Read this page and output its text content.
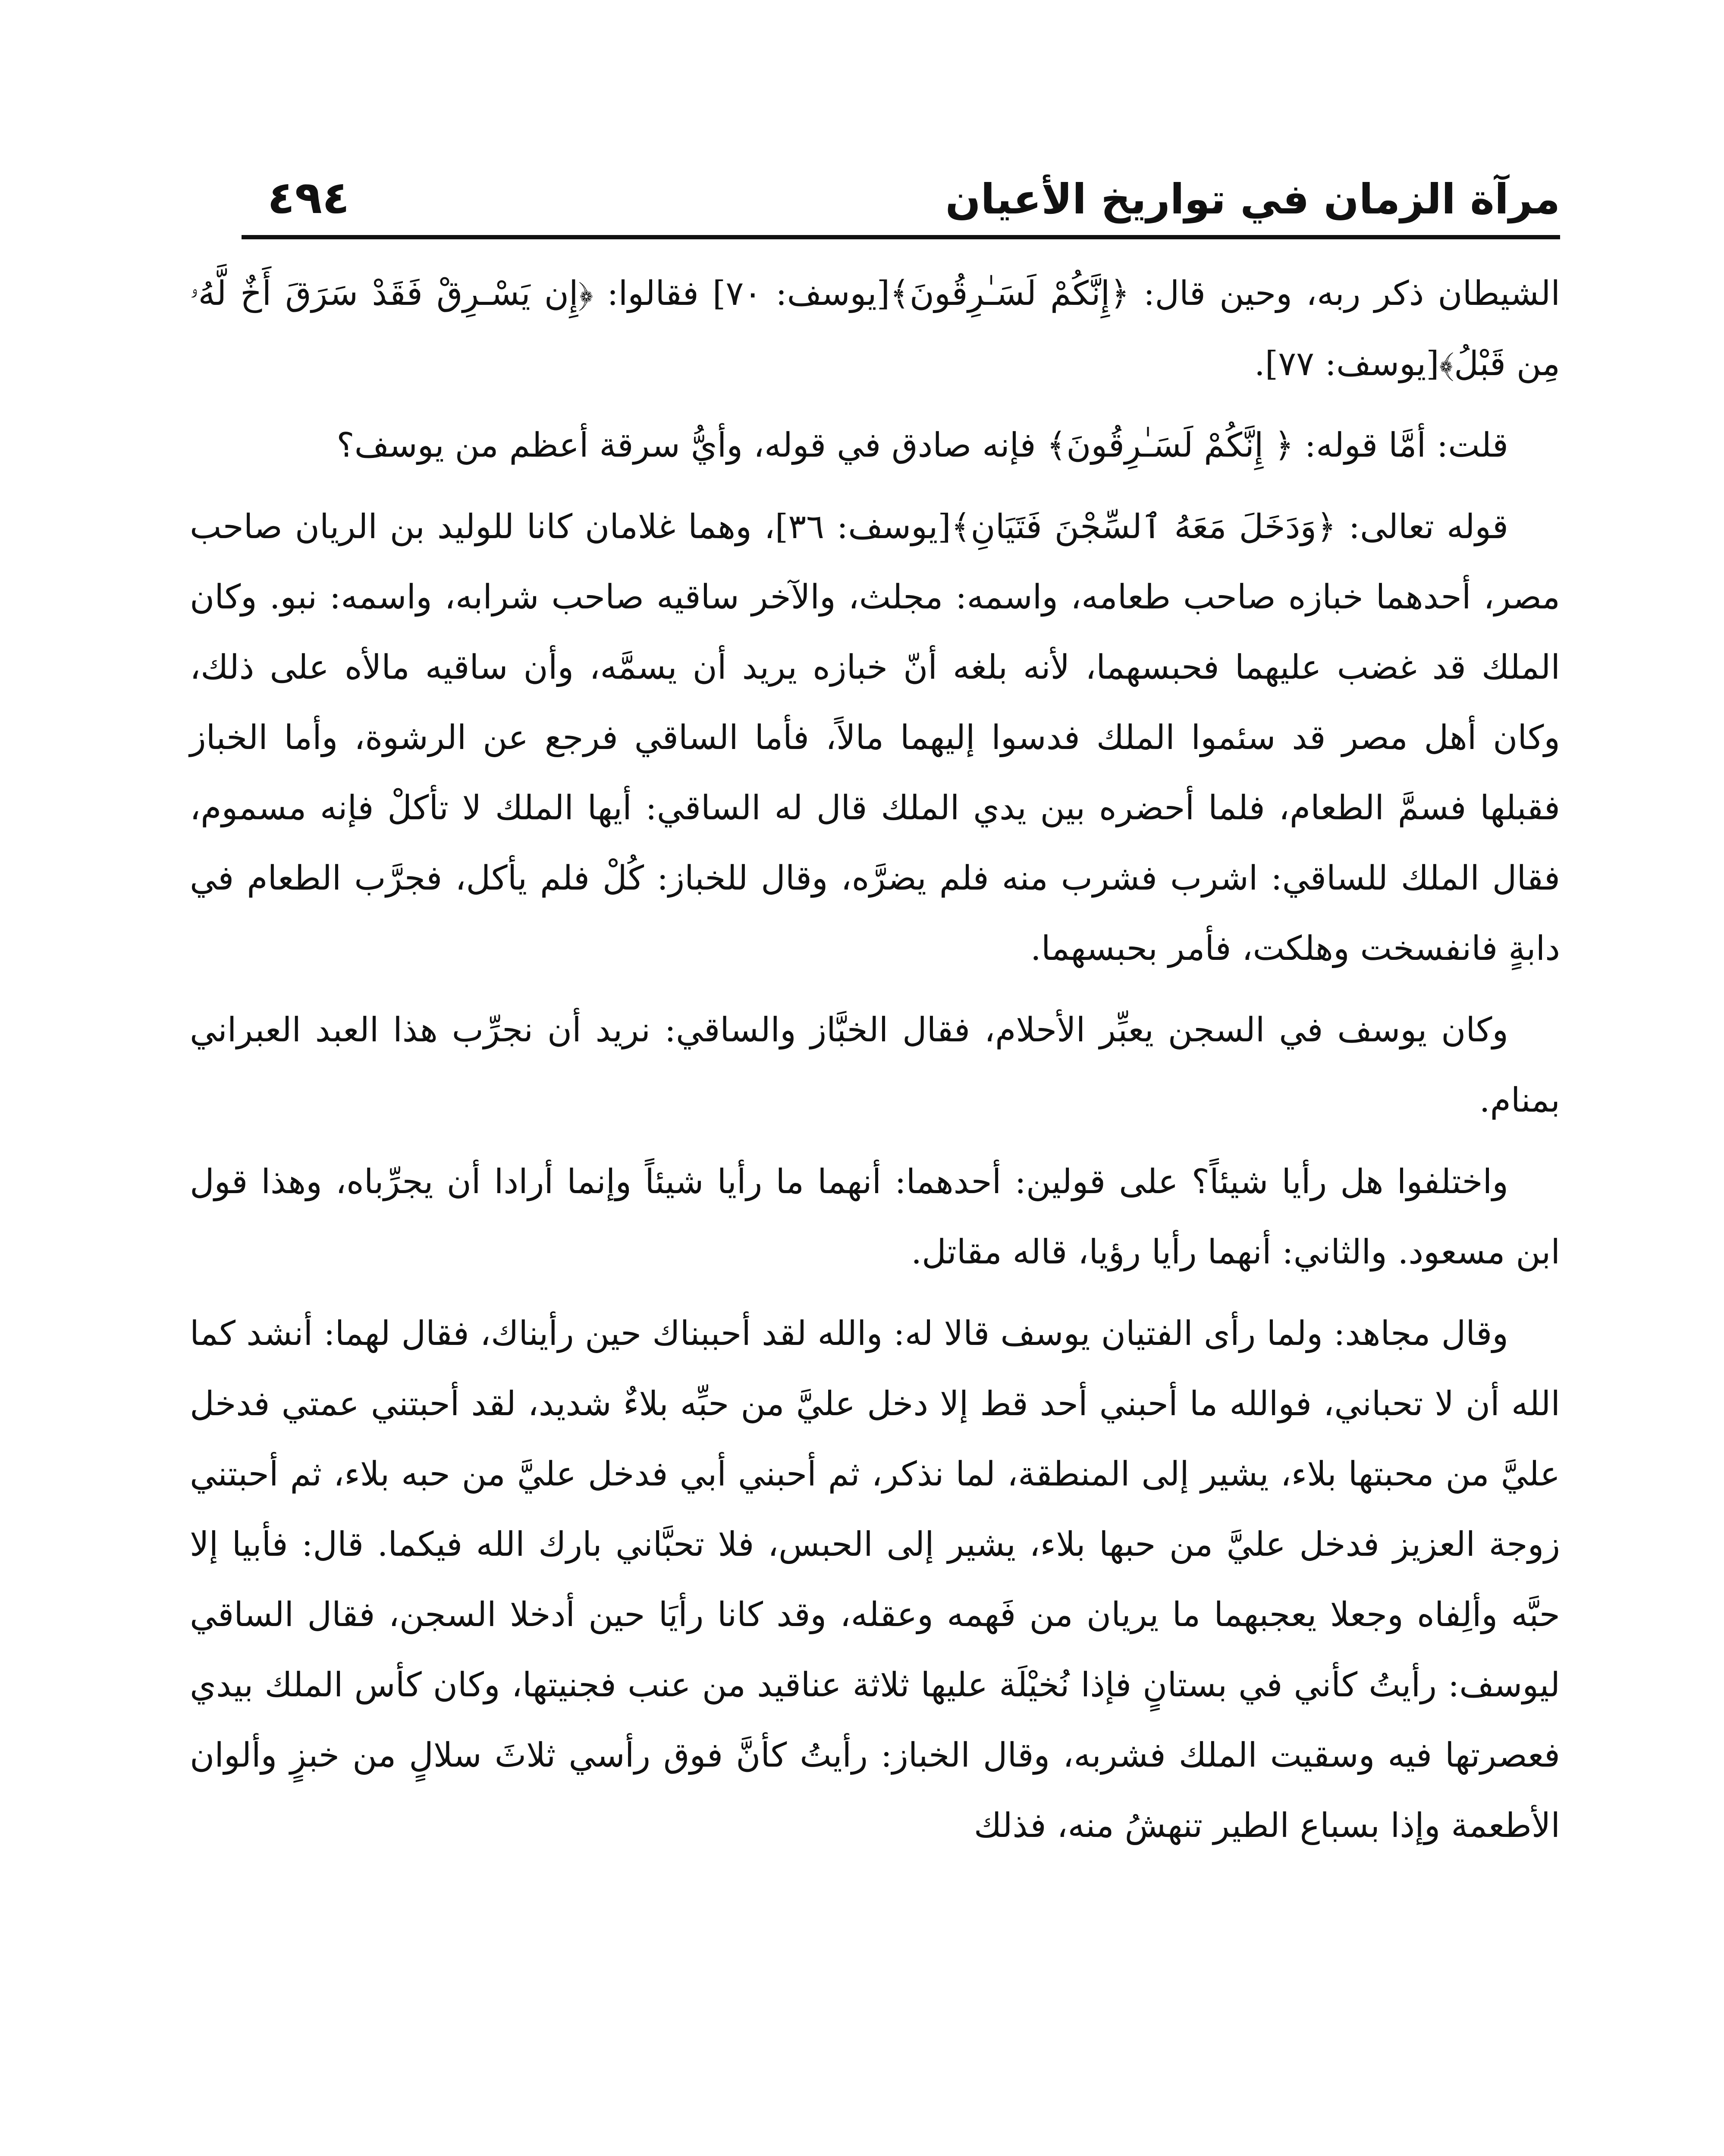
مرآة الزمان في تواريخ الأعيان
٤٩٤

الشيطان ذكر ربه، وحين قال: ﴿إِنَّكُمْ لَسَـٰرِقُونَ﴾[يوسف: ٧٠] فقالوا: ﴿إِن يَسْـرِقْ فَقَدْ سَرَقَ أَخٌ لَّهُۥ مِن قَبْلُ﴾[يوسف: ٧٧].

قلت: أمَّا قوله: ﴿ إِنَّكُمْ لَسَـٰرِقُونَ﴾ فإنه صادق في قوله، وأيُّ سرقة أعظم من يوسف؟

قوله تعالى: ﴿وَدَخَلَ مَعَهُ ٱلسِّجْنَ فَتَيَانِ﴾[يوسف: ٣٦]، وهما غلامان كانا للوليد بن الريان صاحب مصر، أحدهما خبازه صاحب طعامه، واسمه: مجلث، والآخر ساقيه صاحب شرابه، واسمه: نبو. وكان الملك قد غضب عليهما فحبسهما، لأنه بلغه أنّ خبازه يريد أن يسمَّه، وأن ساقيه مالأه على ذلك، وكان أهل مصر قد سئموا الملك فدسوا إليهما مالاً، فأما الساقي فرجع عن الرشوة، وأما الخباز فقبلها فسمَّ الطعام، فلما أحضره بين يدي الملك قال له الساقي: أيها الملك لا تأكلْ فإنه مسموم، فقال الملك للساقي: اشرب فشرب منه فلم يضرَّه، وقال للخباز: كُلْ فلم يأكل، فجرَّب الطعام في دابةٍ فانفسخت وهلكت، فأمر بحبسهما.

وكان يوسف في السجن يعبِّر الأحلام، فقال الخبَّاز والساقي: نريد أن نجرِّب هذا العبد العبراني بمنام.

واختلفوا هل رأيا شيئاً؟ على قولين: أحدهما: أنهما ما رأيا شيئاً وإنما أرادا أن يجرِّباه، وهذا قول ابن مسعود. والثاني: أنهما رأيا رؤيا، قاله مقاتل.

وقال مجاهد: ولما رأى الفتيان يوسف قالا له: والله لقد أحببناك حين رأيناك، فقال لهما: أنشد كما الله أن لا تحباني، فوالله ما أحبني أحد قط إلا دخل عليَّ من حبِّه بلاءٌ شديد، لقد أحبتني عمتي فدخل عليَّ من محبتها بلاء، يشير إلى المنطقة، لما نذكر، ثم أحبني أبي فدخل عليَّ من حبه بلاء، ثم أحبتني زوجة العزيز فدخل عليَّ من حبها بلاء، يشير إلى الحبس، فلا تحبَّاني بارك الله فيكما. قال: فأبيا إلا حبَّه وألِفاه وجعلا يعجبهما ما يريان من فَهمه وعقله، وقد كانا رأيَا حين أدخلا السجن، فقال الساقي ليوسف: رأيتُ كأني في بستانٍ فإذا نُخيْلَة عليها ثلاثة عناقيد من عنب فجنيتها، وكان كأس الملك بيدي فعصرتها فيه وسقيت الملك فشربه، وقال الخباز: رأيتُ كأنَّ فوق رأسي ثلاثَ سلالٍ من خبزٍ وألوان الأطعمة وإذا بسباع الطير تنهشُ منه، فذلك
